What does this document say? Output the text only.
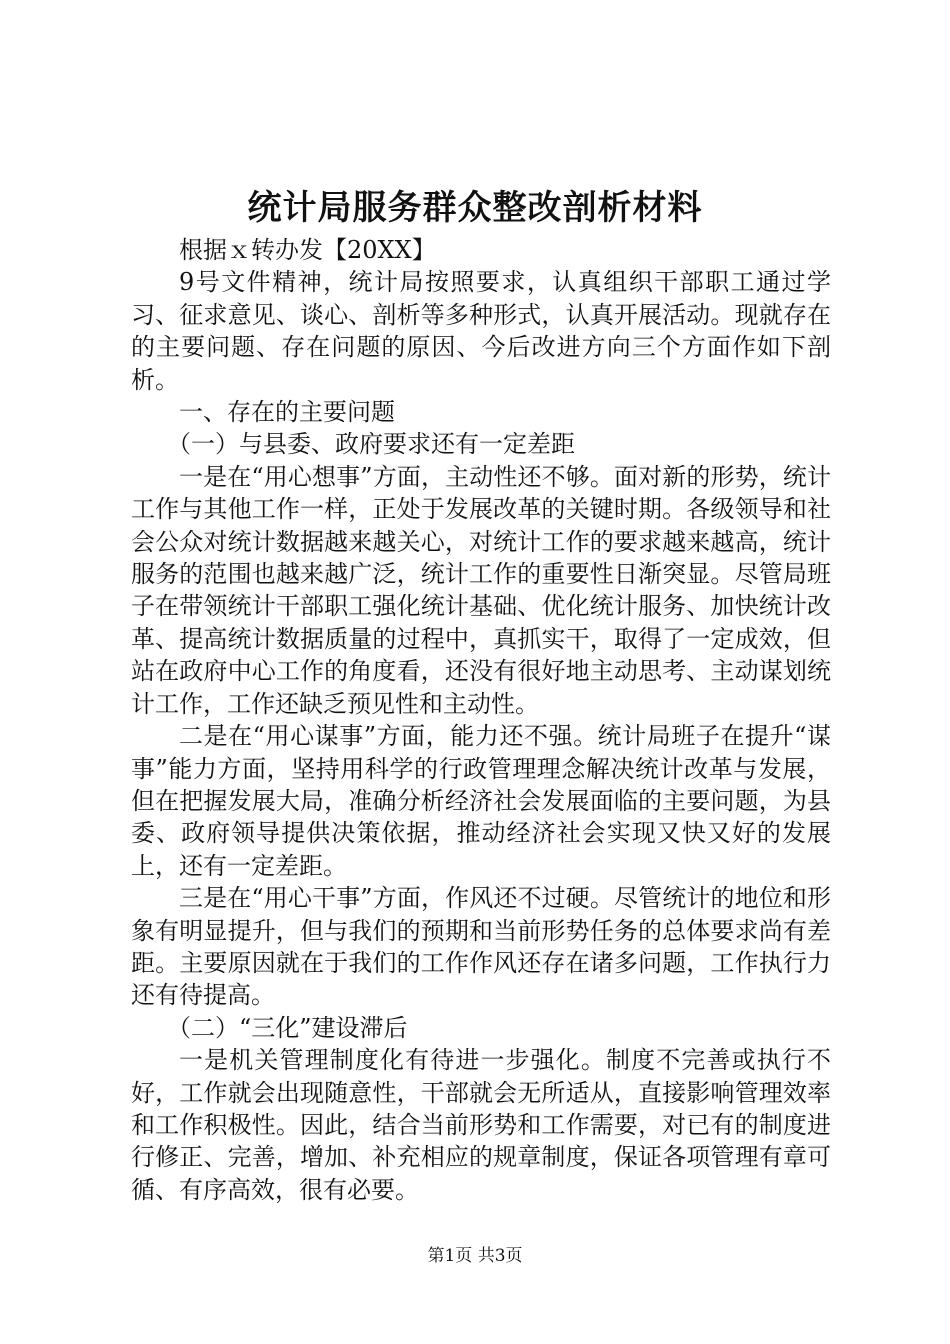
统计局服务群众整改剖析材料

根据ｘ转办发【20XX】

9号文件精神，统计局按照要求，认真组织干部职工通过学习、征求意见、谈心、剖析等多种形式，认真开展活动。现就存在的主要问题、存在问题的原因、今后改进方向三个方面作如下剖析。

一、存在的主要问题

（一）与县委、政府要求还有一定差距

一是在“用心想事”方面，主动性还不够。面对新的形势，统计工作与其他工作一样，正处于发展改革的关键时期。各级领导和社会公众对统计数据越来越关心，对统计工作的要求越来越高，统计服务的范围也越来越广泛，统计工作的重要性日渐突显。尽管局班子在带领统计干部职工强化统计基础、优化统计服务、加快统计改革、提高统计数据质量的过程中，真抓实干，取得了一定成效，但站在政府中心工作的角度看，还没有很好地主动思考、主动谋划统计工作，工作还缺乏预见性和主动性。

二是在“用心谋事”方面，能力还不强。统计局班子在提升“谋事”能力方面，坚持用科学的行政管理理念解决统计改革与发展，但在把握发展大局，准确分析经济社会发展面临的主要问题，为县委、政府领导提供决策依据，推动经济社会实现又快又好的发展上，还有一定差距。

三是在“用心干事”方面，作风还不过硬。尽管统计的地位和形象有明显提升，但与我们的预期和当前形势任务的总体要求尚有差距。主要原因就在于我们的工作作风还存在诸多问题，工作执行力还有待提高。

（二）“三化”建设滞后

一是机关管理制度化有待进一步强化。制度不完善或执行不好，工作就会出现随意性，干部就会无所适从，直接影响管理效率和工作积极性。因此，结合当前形势和工作需要，对已有的制度进行修正、完善，增加、补充相应的规章制度，保证各项管理有章可循、有序高效，很有必要。

第1页 共3页
